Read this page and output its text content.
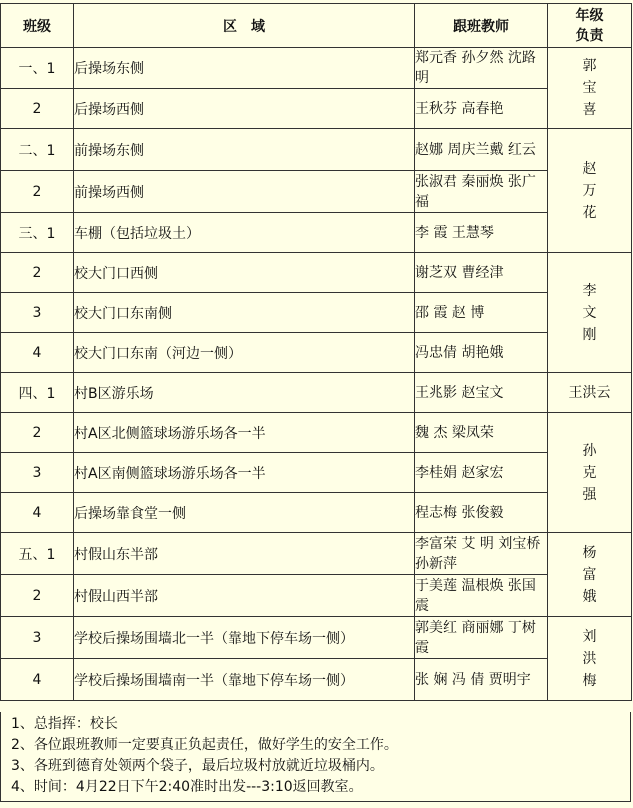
班级	区　域	跟班教师	年级负责
一、1	后操场东侧	郑元香 孙夕然 沈路明	郭宝喜
2	后操场西侧	王秋芬 高春艳	
二、1	前操场东侧	赵娜 周庆兰戴 红云	赵万花
2	前操场西侧	张淑君 秦丽焕 张广福	
三、1	车棚（包括垃圾土）	李 霞 王慧琴	
2	校大门口西侧	谢芝双 曹经津	李文刚
3	校大门口东南侧	邵 霞 赵 博	
4	校大门口东南（河边一侧）	冯忠倩 胡艳娥	
四、1	村B区游乐场	王兆影 赵宝文	王洪云
2	村A区北侧篮球场游乐场各一半	魏 杰 梁凤荣	孙克强
3	村A区南侧篮球场游乐场各一半	李桂娟 赵家宏	
4	后操场靠食堂一侧	程志梅 张俊毅	
五、1	村假山东半部	李富荣 艾 明 刘宝桥 孙新萍	杨富娥
2	村假山西半部	于美莲 温根焕 张国震	
3	学校后操场围墙北一半（靠地下停车场一侧）	郭美红 商丽娜 丁树霞	刘洪梅
4	学校后操场围墙南一半（靠地下停车场一侧）	张 娴 冯 倩 贾明宇	
1、总指挥：校长
2、各位跟班教师一定要真正负起责任，做好学生的安全工作。
3、各班到德育处领两个袋子，最后垃圾村放就近垃圾桶内。
4、时间：4月22日下午2:40准时出发---3:10返回教室。
